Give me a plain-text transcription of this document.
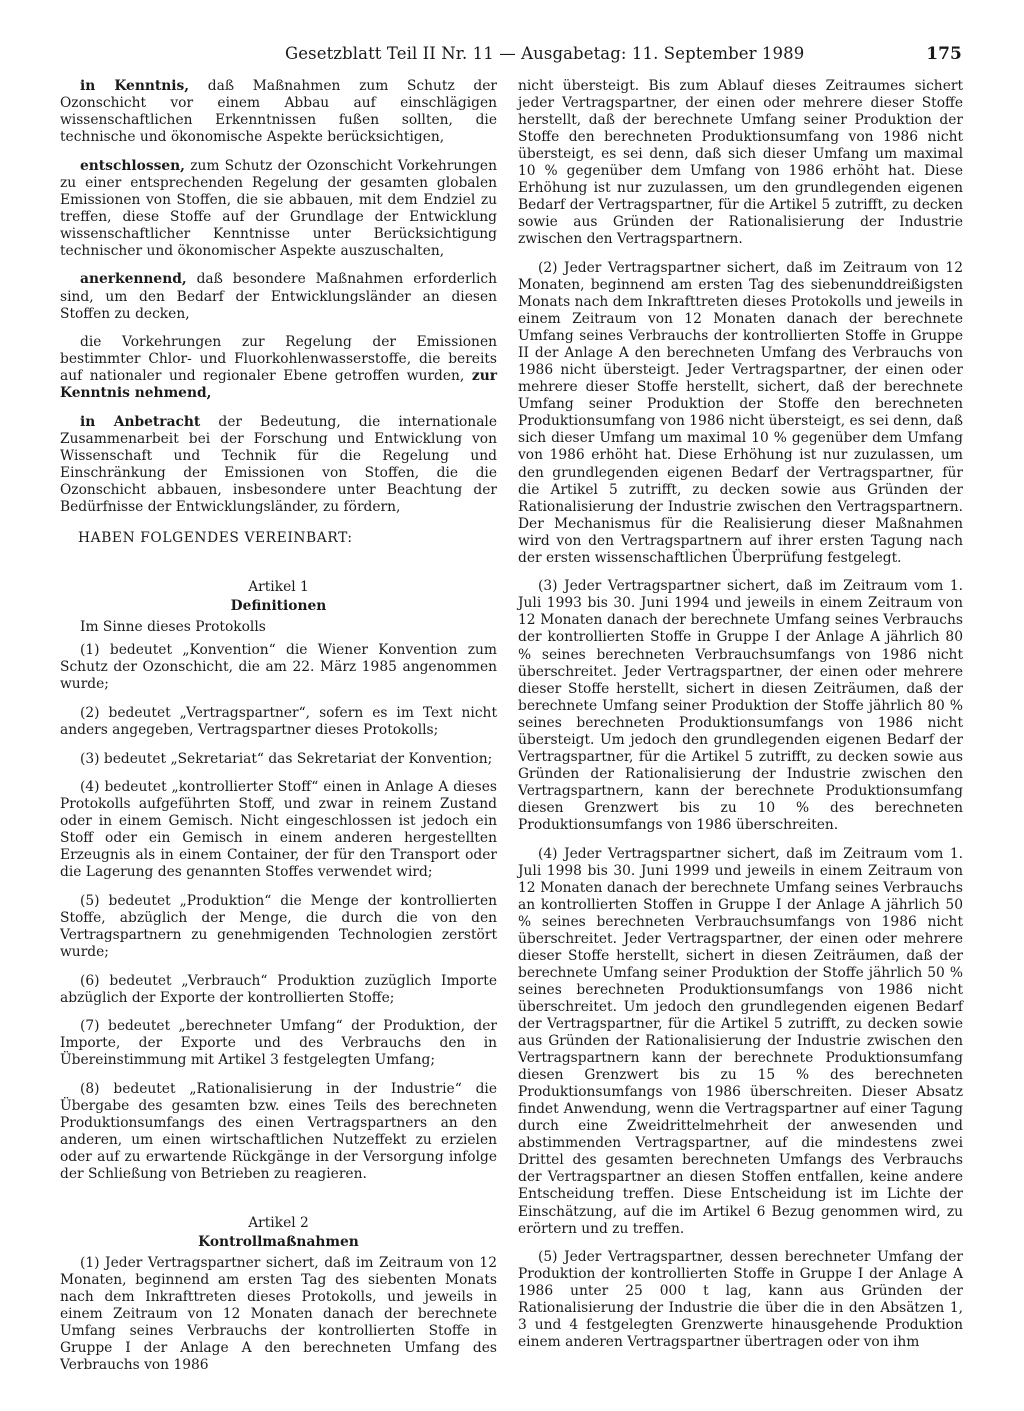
Gesetzblatt Teil II Nr. 11 — Ausgabetag: 11. September 1989	175

in Kenntnis, daß Maßnahmen zum Schutz der Ozonschicht vor einem Abbau auf einschlägigen wissenschaftlichen Erkenntnissen fußen sollten, die technische und ökonomische Aspekte berücksichtigen,

entschlossen, zum Schutz der Ozonschicht Vorkehrungen zu einer entsprechenden Regelung der gesamten globalen Emissionen von Stoffen, die sie abbauen, mit dem Endziel zu treffen, diese Stoffe auf der Grundlage der Entwicklung wissenschaftlicher Kenntnisse unter Berücksichtigung technischer und ökonomischer Aspekte auszuschalten,

anerkennend, daß besondere Maßnahmen erforderlich sind, um den Bedarf der Entwicklungsländer an diesen Stoffen zu decken,

die Vorkehrungen zur Regelung der Emissionen bestimmter Chlor- und Fluorkohlenwasserstoffe, die bereits auf nationaler und regionaler Ebene getroffen wurden, zur Kenntnis nehmend,

in Anbetracht der Bedeutung, die internationale Zusammenarbeit bei der Forschung und Entwicklung von Wissenschaft und Technik für die Regelung und Einschränkung der Emissionen von Stoffen, die die Ozonschicht abbauen, insbesondere unter Beachtung der Bedürfnisse der Entwicklungsländer, zu fördern,

HABEN FOLGENDES VEREINBART:
Artikel 1
Definitionen
Im Sinne dieses Protokolls

(1) bedeutet „Konvention“ die Wiener Konvention zum Schutz der Ozonschicht, die am 22. März 1985 angenommen wurde;

(2) bedeutet „Vertragspartner“, sofern es im Text nicht anders angegeben, Vertragspartner dieses Protokolls;

(3) bedeutet „Sekretariat“ das Sekretariat der Konvention;

(4) bedeutet „kontrollierter Stoff“ einen in Anlage A dieses Protokolls aufgeführten Stoff, und zwar in reinem Zustand oder in einem Gemisch. Nicht eingeschlossen ist jedoch ein Stoff oder ein Gemisch in einem anderen hergestellten Erzeugnis als in einem Container, der für den Transport oder die Lagerung des genannten Stoffes verwendet wird;

(5) bedeutet „Produktion“ die Menge der kontrollierten Stoffe, abzüglich der Menge, die durch die von den Vertragspartnern zu genehmigenden Technologien zerstört wurde;

(6) bedeutet „Verbrauch“ Produktion zuzüglich Importe abzüglich der Exporte der kontrollierten Stoffe;

(7) bedeutet „berechneter Umfang“ der Produktion, der Importe, der Exporte und des Verbrauchs den in Übereinstimmung mit Artikel 3 festgelegten Umfang;

(8) bedeutet „Rationalisierung in der Industrie“ die Übergabe des gesamten bzw. eines Teils des berechneten Produktionsumfangs des einen Vertragspartners an den anderen, um einen wirtschaftlichen Nutzeffekt zu erzielen oder auf zu erwartende Rückgänge in der Versorgung infolge der Schließung von Betrieben zu reagieren.

Artikel 2
Kontrollmaßnahmen

(1) Jeder Vertragspartner sichert, daß im Zeitraum von 12 Monaten, beginnend am ersten Tag des siebenten Monats nach dem Inkrafttreten dieses Protokolls, und jeweils in einem Zeitraum von 12 Monaten danach der berechnete Umfang seines Verbrauchs der kontrollierten Stoffe in Gruppe I der Anlage A den berechneten Umfang des Verbrauchs von 1986

nicht übersteigt. Bis zum Ablauf dieses Zeitraumes sichert jeder Vertragspartner, der einen oder mehrere dieser Stoffe herstellt, daß der berechnete Umfang seiner Produktion der Stoffe den berechneten Produktionsumfang von 1986 nicht übersteigt, es sei denn, daß sich dieser Umfang um maximal 10 % gegenüber dem Umfang von 1986 erhöht hat. Diese Erhöhung ist nur zuzulassen, um den grundlegenden eigenen Bedarf der Vertragspartner, für die Artikel 5 zutrifft, zu decken sowie aus Gründen der Rationalisierung der Industrie zwischen den Vertragspartnern.

(2) Jeder Vertragspartner sichert, daß im Zeitraum von 12 Monaten, beginnend am ersten Tag des siebenunddreißigsten Monats nach dem Inkrafttreten dieses Protokolls und jeweils in einem Zeitraum von 12 Monaten danach der berechnete Umfang seines Verbrauchs der kontrollierten Stoffe in Gruppe II der Anlage A den berechneten Umfang des Verbrauchs von 1986 nicht übersteigt. Jeder Vertragspartner, der einen oder mehrere dieser Stoffe herstellt, sichert, daß der berechnete Umfang seiner Produktion der Stoffe den berechneten Produktionsumfang von 1986 nicht übersteigt, es sei denn, daß sich dieser Umfang um maximal 10 % gegenüber dem Umfang von 1986 erhöht hat. Diese Erhöhung ist nur zuzulassen, um den grundlegenden eigenen Bedarf der Vertragspartner, für die Artikel 5 zutrifft, zu decken sowie aus Gründen der Rationalisierung der Industrie zwischen den Vertragspartnern. Der Mechanismus für die Realisierung dieser Maßnahmen wird von den Vertragspartnern auf ihrer ersten Tagung nach der ersten wissenschaftlichen Überprüfung festgelegt.

(3) Jeder Vertragspartner sichert, daß im Zeitraum vom 1. Juli 1993 bis 30. Juni 1994 und jeweils in einem Zeitraum von 12 Monaten danach der berechnete Umfang seines Verbrauchs der kontrollierten Stoffe in Gruppe I der Anlage A jährlich 80 % seines berechneten Verbrauchsumfangs von 1986 nicht überschreitet. Jeder Vertragspartner, der einen oder mehrere dieser Stoffe herstellt, sichert in diesen Zeiträumen, daß der berechnete Umfang seiner Produktion der Stoffe jährlich 80 % seines berechneten Produktionsumfangs von 1986 nicht übersteigt. Um jedoch den grundlegenden eigenen Bedarf der Vertragspartner, für die Artikel 5 zutrifft, zu decken sowie aus Gründen der Rationalisierung der Industrie zwischen den Vertragspartnern, kann der berechnete Produktionsumfang diesen Grenzwert bis zu 10 % des berechneten Produktionsumfangs von 1986 überschreiten.

(4) Jeder Vertragspartner sichert, daß im Zeitraum vom 1. Juli 1998 bis 30. Juni 1999 und jeweils in einem Zeitraum von 12 Monaten danach der berechnete Umfang seines Verbrauchs an kontrollierten Stoffen in Gruppe I der Anlage A jährlich 50 % seines berechneten Verbrauchsumfangs von 1986 nicht überschreitet. Jeder Vertragspartner, der einen oder mehrere dieser Stoffe herstellt, sichert in diesen Zeiträumen, daß der berechnete Umfang seiner Produktion der Stoffe jährlich 50 % seines berechneten Produktionsumfangs von 1986 nicht überschreitet. Um jedoch den grundlegenden eigenen Bedarf der Vertragspartner, für die Artikel 5 zutrifft, zu decken sowie aus Gründen der Rationalisierung der Industrie zwischen den Vertragspartnern kann der berechnete Produktionsumfang diesen Grenzwert bis zu 15 % des berechneten Produktionsumfangs von 1986 überschreiten. Dieser Absatz findet Anwendung, wenn die Vertragspartner auf einer Tagung durch eine Zweidrittelmehrheit der anwesenden und abstimmenden Vertragspartner, auf die mindestens zwei Drittel des gesamten berechneten Umfangs des Verbrauchs der Vertragspartner an diesen Stoffen entfallen, keine andere Entscheidung treffen. Diese Entscheidung ist im Lichte der Einschätzung, auf die im Artikel 6 Bezug genommen wird, zu erörtern und zu treffen.

(5) Jeder Vertragspartner, dessen berechneter Umfang der Produktion der kontrollierten Stoffe in Gruppe I der Anlage A 1986 unter 25 000 t lag, kann aus Gründen der Rationalisierung der Industrie die über die in den Absätzen 1, 3 und 4 festgelegten Grenzwerte hinausgehende Produktion einem anderen Vertragspartner übertragen oder von ihm
